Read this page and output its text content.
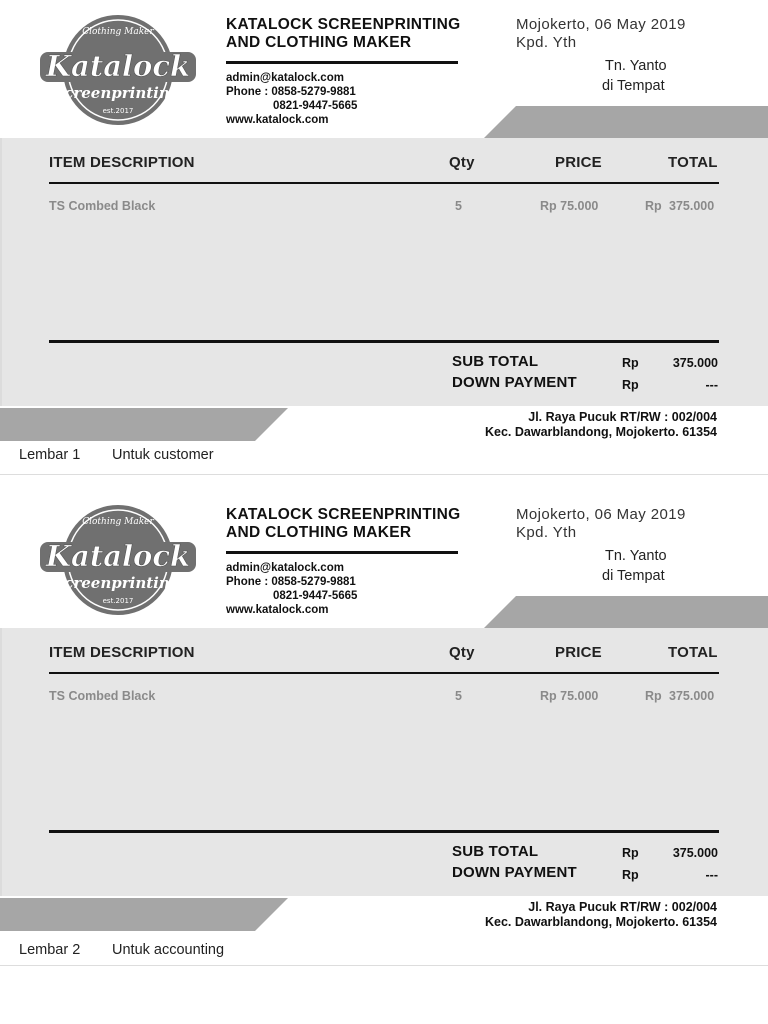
Clothing Maker
Katalock
screenprinting
est.2017
KATALOCK SCREENPRINTING
AND CLOTHING MAKER
admin@katalock.com
Phone : 0858-5279-9881

0821-9447-5665
www.katalock.com
Mojokerto, 06 May 2019
Kpd. Yth
Tn. Yanto
di Tempat
ITEM DESCRIPTION	Qty	PRICE	TOTAL
TS Combed Black	5	Rp 75.000	Rp 375.000
SUB TOTAL	Rp	375.000
DOWN PAYMENT	Rp	---
Jl. Raya Pucuk RT/RW : 002/004
Kec. Dawarblandong, Mojokerto. 61354
Lembar 1 Untuk customer
Clothing Maker
Katalock
screenprinting
est.2017
KATALOCK SCREENPRINTING
AND CLOTHING MAKER
admin@katalock.com
Phone : 0858-5279-9881

0821-9447-5665
www.katalock.com
Mojokerto, 06 May 2019
Kpd. Yth
Tn. Yanto
di Tempat
ITEM DESCRIPTION	Qty	PRICE	TOTAL
TS Combed Black	5	Rp 75.000	Rp 375.000
SUB TOTAL	Rp	375.000
DOWN PAYMENT	Rp	---
Jl. Raya Pucuk RT/RW : 002/004
Kec. Dawarblandong, Mojokerto. 61354
Lembar 2 Untuk accounting
